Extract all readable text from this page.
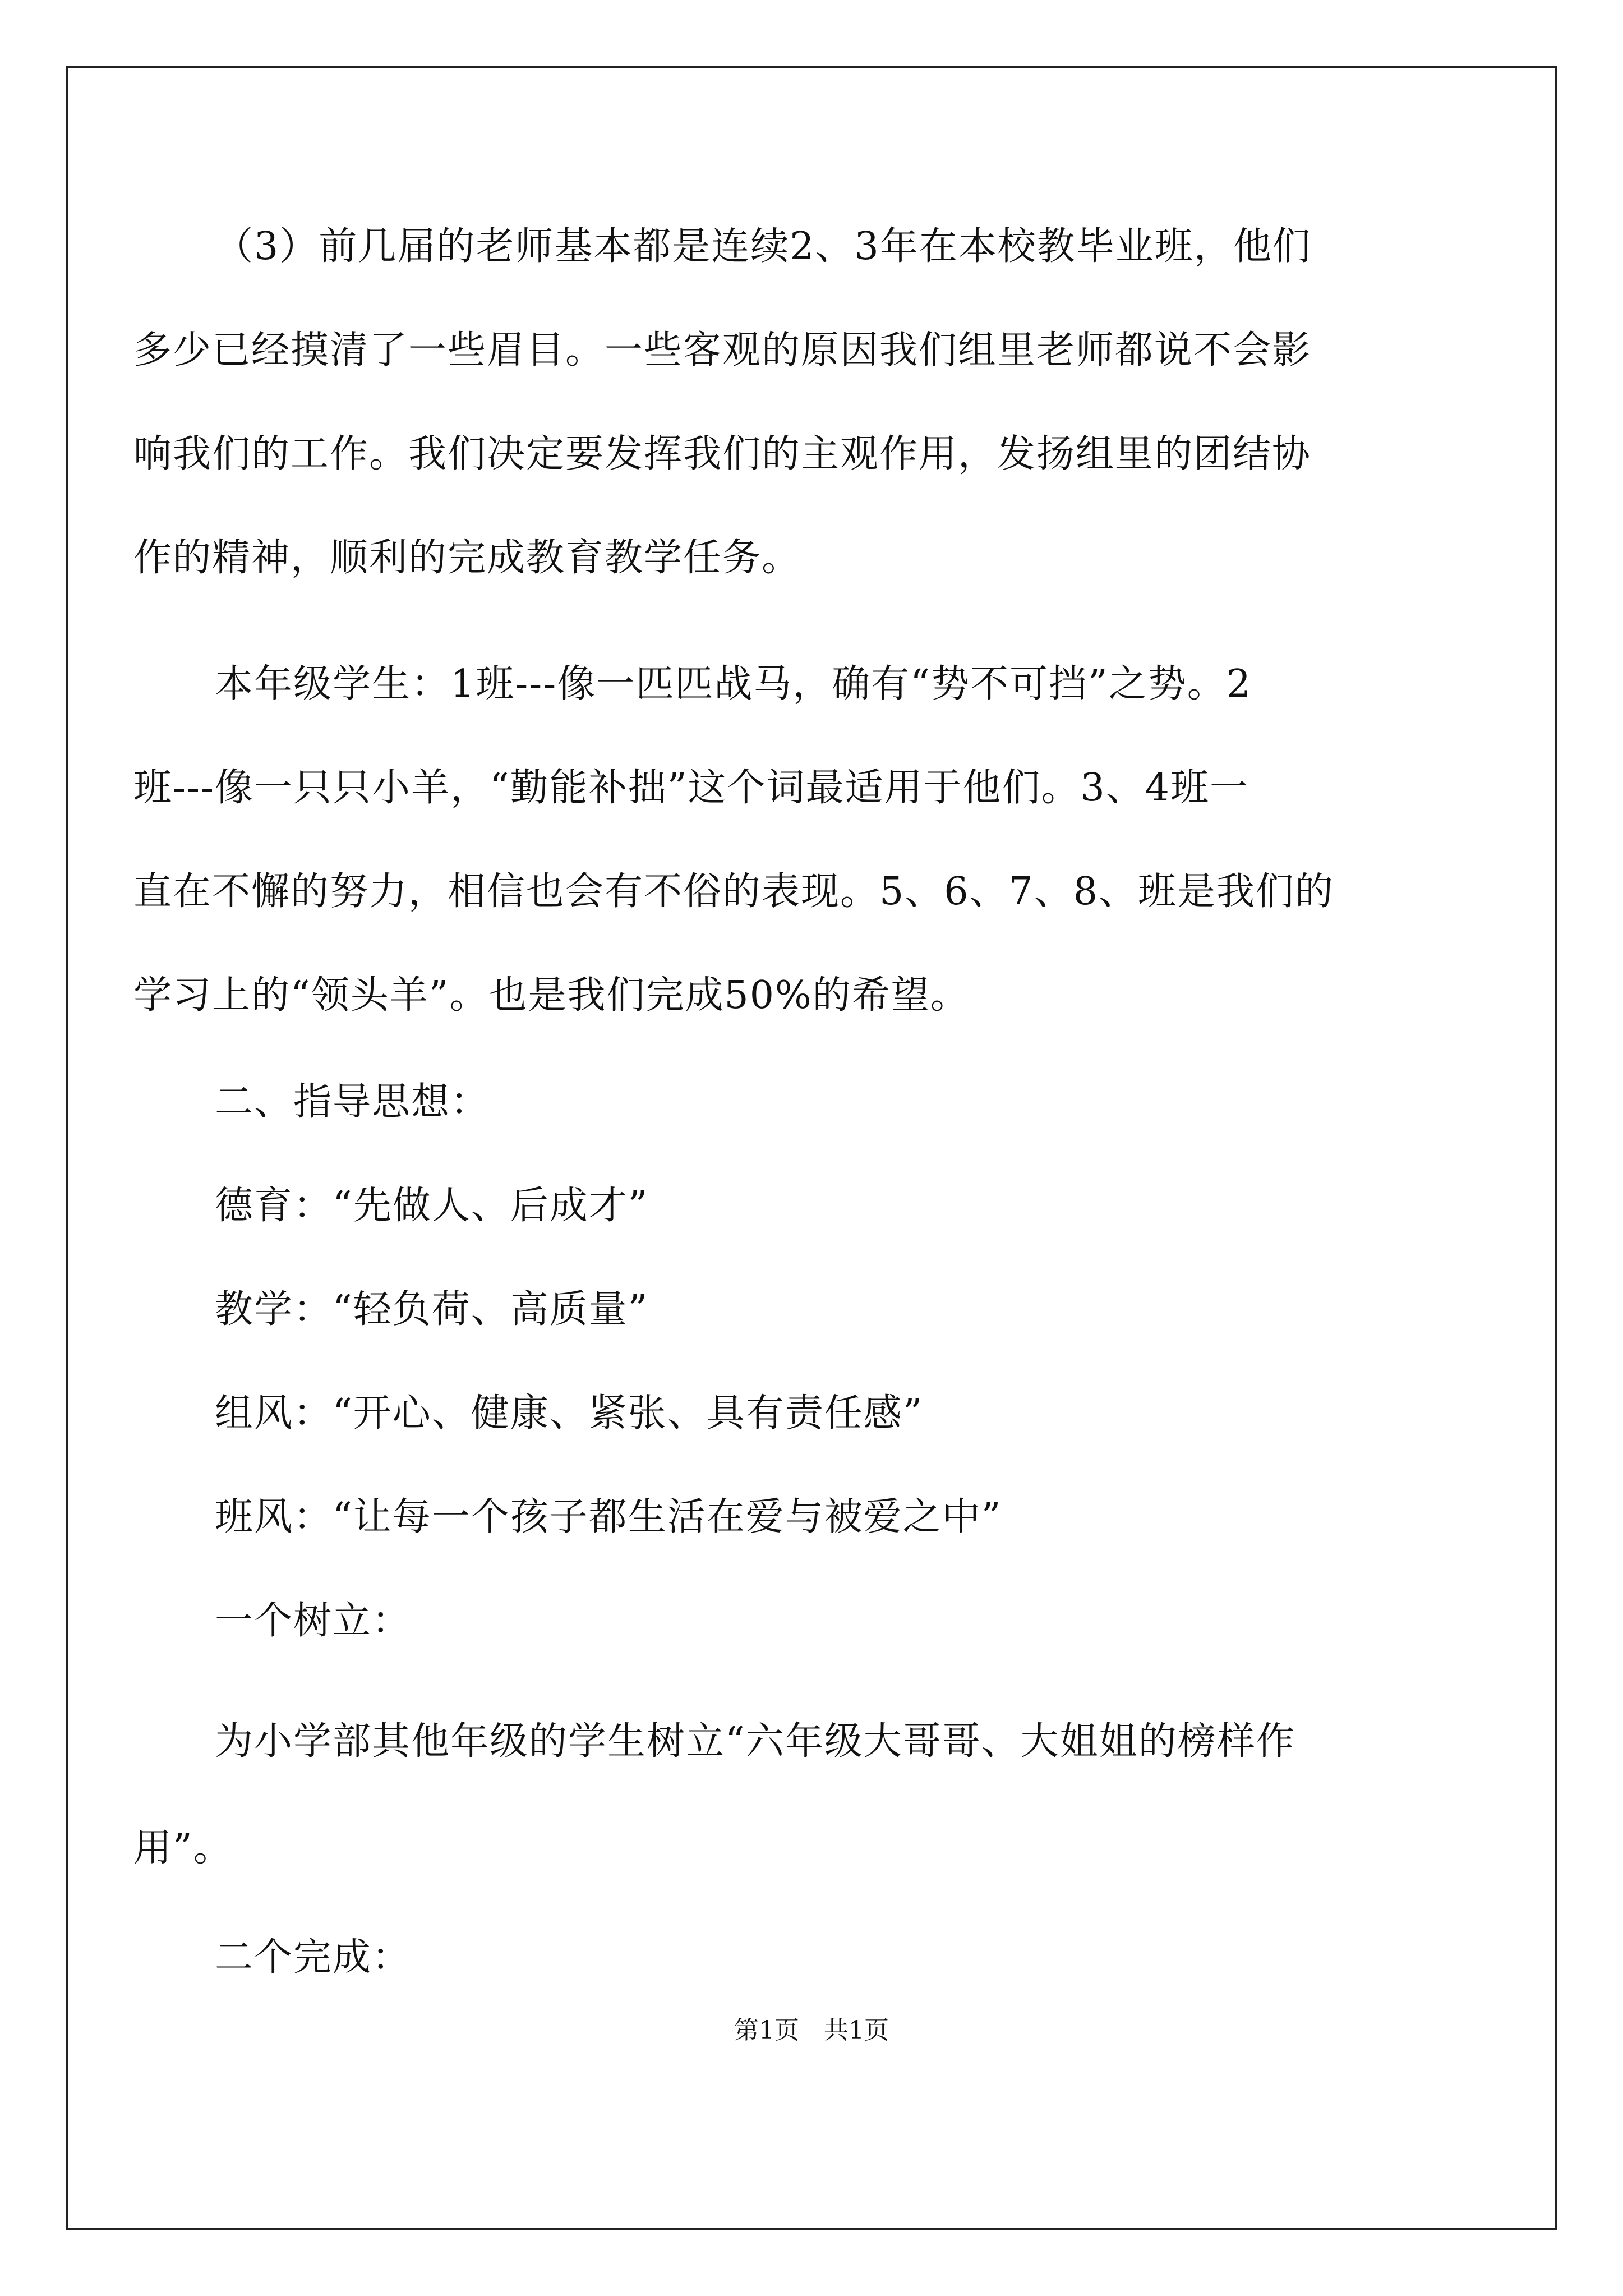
（3）前几届的老师基本都是连续2、3年在本校教毕业班，他们
多少已经摸清了一些眉目。一些客观的原因我们组里老师都说不会影
响我们的工作。我们决定要发挥我们的主观作用，发扬组里的团结协
作的精神，顺利的完成教育教学任务。
本年级学生：1班---像一匹匹战马，确有“势不可挡”之势。2
班---像一只只小羊，“勤能补拙”这个词最适用于他们。3、4班一
直在不懈的努力，相信也会有不俗的表现。5、6、7、8、班是我们的
学习上的“领头羊”。也是我们完成50%的希望。
二、指导思想：
德育：“先做人、后成才”
教学：“轻负荷、高质量”
组风：“开心、健康、紧张、具有责任感”
班风：“让每一个孩子都生活在爱与被爱之中”
一个树立：
为小学部其他年级的学生树立“六年级大哥哥、大姐姐的榜样作
用”。
二个完成：
第1页　共1页
